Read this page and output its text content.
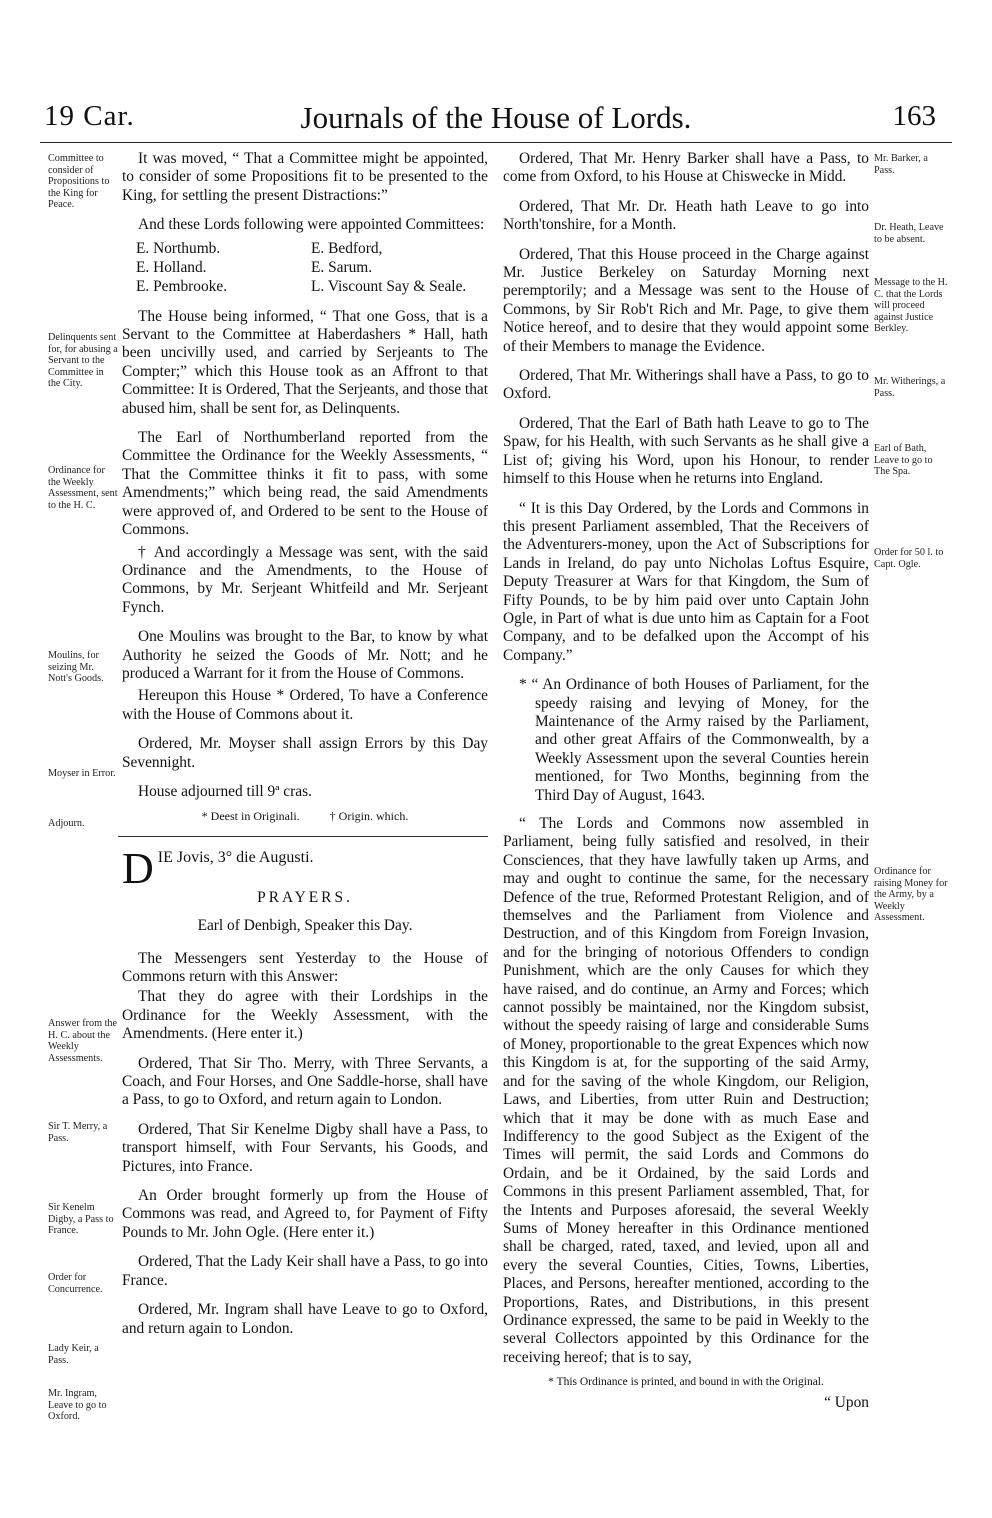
19 Car.	Journals of the House of Lords.	163
Committee to consider of Propositions to the King for Peace.
Delinquents sent for, for abusing a Servant to the Committee in the City.
Ordinance for the Weekly Assessment, sent to the H. C.
Moulins, for seizing Mr. Nott's Goods.
Moyser in Error.
Adjourn.
Answer from the H. C. about the Weekly Assessments.
Sir T. Merry, a Pass.
Sir Kenelm Digby, a Pass to France.
Order for Concurrence.
Lady Keir, a Pass.
Mr. Ingram, Leave to go to Oxford.

It was moved, “ That a Committee might be appointed, to consider of some Propositions fit to be presented to the King, for settling the present Distractions:”

And these Lords following were appointed Committees:

E. Northumb.	E. Bedford,
E. Holland.	E. Sarum.
E. Pembrooke.	L. Viscount Say & Seale.

The House being informed, “ That one Goss, that is a Servant to the Committee at Haberdashers * Hall, hath been uncivilly used, and carried by Serjeants to The Compter;” which this House took as an Affront to that Committee: It is Ordered, That the Serjeants, and those that abused him, shall be sent for, as Delinquents.

The Earl of Northumberland reported from the Committee the Ordinance for the Weekly Assessments, “ That the Committee thinks it fit to pass, with some Amendments;” which being read, the said Amendments were approved of, and Ordered to be sent to the House of Commons.

† And accordingly a Message was sent, with the said Ordinance and the Amendments, to the House of Commons, by Mr. Serjeant Whitfeild and Mr. Serjeant Fynch.

One Moulins was brought to the Bar, to know by what Authority he seized the Goods of Mr. Nott; and he produced a Warrant for it from the House of Commons.

Hereupon this House * Ordered, To have a Conference with the House of Commons about it.

Ordered, Mr. Moyser shall assign Errors by this Day Sevennight.

House adjourned till 9ª cras.

* Deest in Originali.	† Origin. which.
D IE Jovis, 3° die Augusti.
PRAYERS.
Earl of Denbigh, Speaker this Day.

The Messengers sent Yesterday to the House of Commons return with this Answer:

That they do agree with their Lordships in the Ordinance for the Weekly Assessment, with the Amendments. (Here enter it.)

Ordered, That Sir Tho. Merry, with Three Servants, a Coach, and Four Horses, and One Saddle-horse, shall have a Pass, to go to Oxford, and return again to London.

Ordered, That Sir Kenelme Digby shall have a Pass, to transport himself, with Four Servants, his Goods, and Pictures, into France.

An Order brought formerly up from the House of Commons was read, and Agreed to, for Payment of Fifty Pounds to Mr. John Ogle. (Here enter it.)

Ordered, That the Lady Keir shall have a Pass, to go into France.

Ordered, Mr. Ingram shall have Leave to go to Oxford, and return again to London.

Ordered, That Mr. Henry Barker shall have a Pass, to come from Oxford, to his House at Chiswecke in Midd.

Ordered, That Mr. Dr. Heath hath Leave to go into North'tonshire, for a Month.

Ordered, That this House proceed in the Charge against Mr. Justice Berkeley on Saturday Morning next peremptorily; and a Message was sent to the House of Commons, by Sir Rob't Rich and Mr. Page, to give them Notice hereof, and to desire that they would appoint some of their Members to manage the Evidence.

Ordered, That Mr. Witherings shall have a Pass, to go to Oxford.

Ordered, That the Earl of Bath hath Leave to go to The Spaw, for his Health, with such Servants as he shall give a List of; giving his Word, upon his Honour, to render himself to this House when he returns into England.

“ It is this Day Ordered, by the Lords and Commons in this present Parliament assembled, That the Receivers of the Adventurers-money, upon the Act of Subscriptions for Lands in Ireland, do pay unto Nicholas Loftus Esquire, Deputy Treasurer at Wars for that Kingdom, the Sum of Fifty Pounds, to be by him paid over unto Captain John Ogle, in Part of what is due unto him as Captain for a Foot Company, and to be defalked upon the Accompt of his Company.”

* “ An Ordinance of both Houses of Parliament, for the speedy raising and levying of Money, for the Maintenance of the Army raised by the Parliament, and other great Affairs of the Commonwealth, by a Weekly Assessment upon the several Counties herein mentioned, for Two Months, beginning from the Third Day of August, 1643.

“ The Lords and Commons now assembled in Parliament, being fully satisfied and resolved, in their Consciences, that they have lawfully taken up Arms, and may and ought to continue the same, for the necessary Defence of the true, Reformed Protestant Religion, and of themselves and the Parliament from Violence and Destruction, and of this Kingdom from Foreign Invasion, and for the bringing of notorious Offenders to condign Punishment, which are the only Causes for which they have raised, and do continue, an Army and Forces; which cannot possibly be maintained, nor the Kingdom subsist, without the speedy raising of large and considerable Sums of Money, proportionable to the great Expences which now this Kingdom is at, for the supporting of the said Army, and for the saving of the whole Kingdom, our Religion, Laws, and Liberties, from utter Ruin and Destruction; which that it may be done with as much Ease and Indifferency to the good Subject as the Exigent of the Times will permit, the said Lords and Commons do Ordain, and be it Ordained, by the said Lords and Commons in this present Parliament assembled, That, for the Intents and Purposes aforesaid, the several Weekly Sums of Money hereafter in this Ordinance mentioned shall be charged, rated, taxed, and levied, upon all and every the several Counties, Cities, Towns, Liberties, Places, and Persons, hereafter mentioned, according to the Proportions, Rates, and Distributions, in this present Ordinance expressed, the same to be paid in Weekly to the several Collectors appointed by this Ordinance for the receiving hereof; that is to say,

* This Ordinance is printed, and bound in with the Original.
“ Upon
Mr. Barker, a Pass.
Dr. Heath, Leave to be absent.
Message to the H. C. that the Lords will proceed against Justice Berkley.
Mr. Witherings, a Pass.
Earl of Bath, Leave to go to The Spa.
Order for 50 l. to Capt. Ogle.
Ordinance for raising Money for the Army, by a Weekly Assessment.
